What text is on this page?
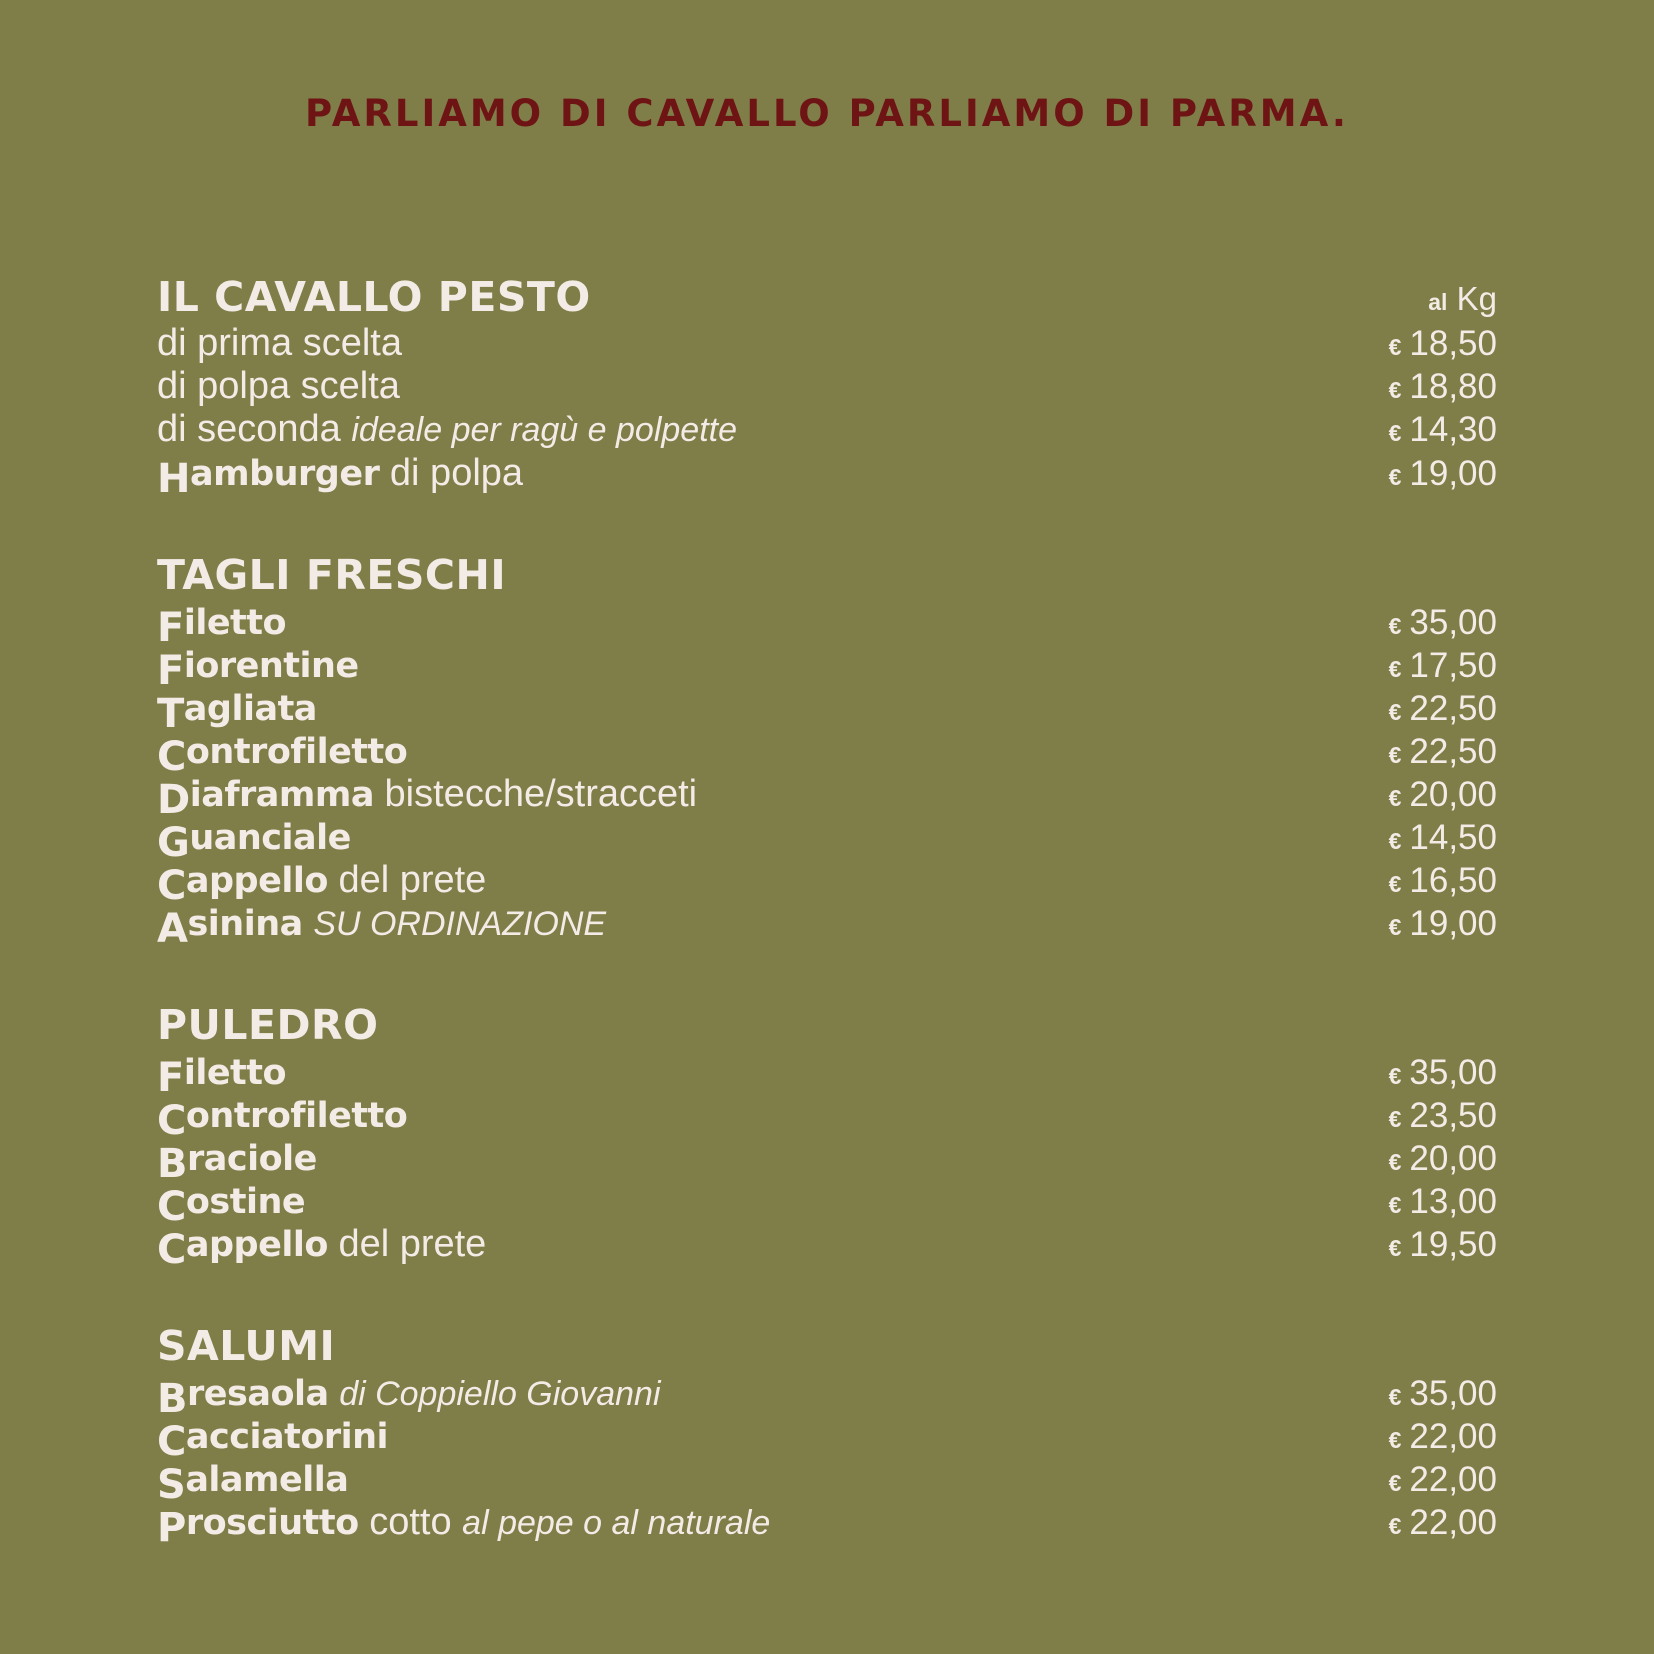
PARLIAMO DI CAVALLO PARLIAMO DI PARMA.
IL CAVALLO PESTO	al Kg
di prima scelta	€ 18,50
di polpa scelta	€ 18,80
di seconda ideale per ragù e polpette	€ 14,30
Hamburger di polpa	€ 19,00
TAGLI FRESCHI
Filetto	€ 35,00
Fiorentine	€ 17,50
Tagliata	€ 22,50
Controfiletto	€ 22,50
Diaframma bistecche/stracceti	€ 20,00
Guanciale	€ 14,50
Cappello del prete	€ 16,50
Asinina SU ORDINAZIONE	€ 19,00
PULEDRO
Filetto	€ 35,00
Controfiletto	€ 23,50
Braciole	€ 20,00
Costine	€ 13,00
Cappello del prete	€ 19,50
SALUMI
Bresaola di Coppiello Giovanni	€ 35,00
Cacciatorini	€ 22,00
Salamella	€ 22,00
Prosciutto cotto al pepe o al naturale	€ 22,00
